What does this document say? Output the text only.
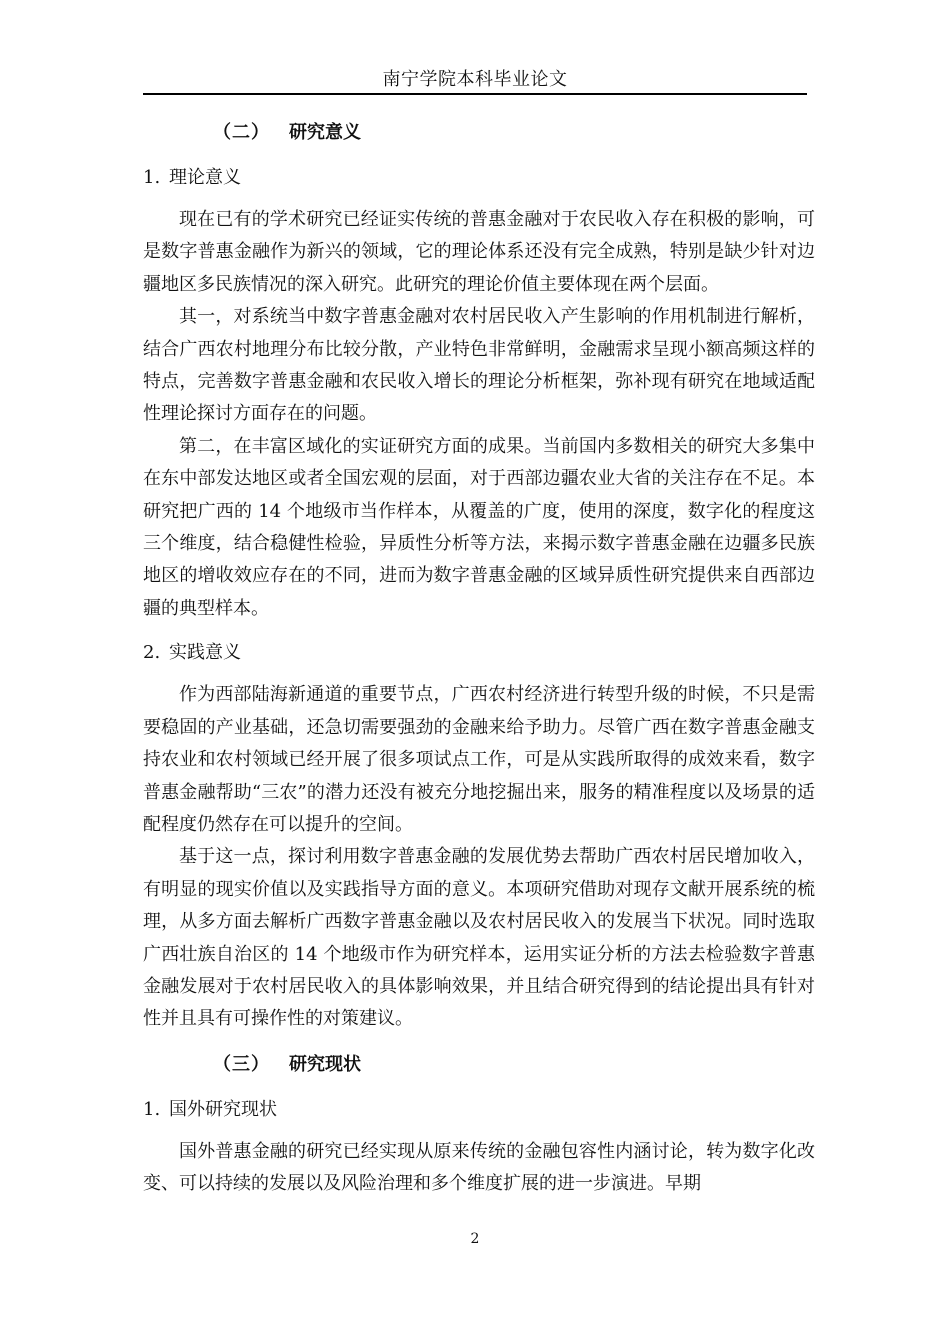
南宁学院本科毕业论文
（二） 研究意义
1. 理论意义

现在已有的学术研究已经证实传统的普惠金融对于农民收入存在积极的影响，可是数字普惠金融作为新兴的领域，它的理论体系还没有完全成熟，特别是缺少针对边疆地区多民族情况的深入研究。此研究的理论价值主要体现在两个层面。

其一，对系统当中数字普惠金融对农村居民收入产生影响的作用机制进行解析，结合广西农村地理分布比较分散，产业特色非常鲜明，金融需求呈现小额高频这样的特点，完善数字普惠金融和农民收入增长的理论分析框架，弥补现有研究在地域适配性理论探讨方面存在的问题。

第二，在丰富区域化的实证研究方面的成果。当前国内多数相关的研究大多集中在东中部发达地区或者全国宏观的层面，对于西部边疆农业大省的关注存在不足。本研究把广西的 14 个地级市当作样本，从覆盖的广度，使用的深度，数字化的程度这三个维度，结合稳健性检验，异质性分析等方法，来揭示数字普惠金融在边疆多民族地区的增收效应存在的不同，进而为数字普惠金融的区域异质性研究提供来自西部边疆的典型样本。

2. 实践意义

作为西部陆海新通道的重要节点，广西农村经济进行转型升级的时候，不只是需要稳固的产业基础，还急切需要强劲的金融来给予助力。尽管广西在数字普惠金融支持农业和农村领域已经开展了很多项试点工作，可是从实践所取得的成效来看，数字普惠金融帮助“三农”的潜力还没有被充分地挖掘出来，服务的精准程度以及场景的适配程度仍然存在可以提升的空间。

基于这一点，探讨利用数字普惠金融的发展优势去帮助广西农村居民增加收入，有明显的现实价值以及实践指导方面的意义。本项研究借助对现存文献开展系统的梳理，从多方面去解析广西数字普惠金融以及农村居民收入的发展当下状况。同时选取广西壮族自治区的 14 个地级市作为研究样本，运用实证分析的方法去检验数字普惠金融发展对于农村居民收入的具体影响效果，并且结合研究得到的结论提出具有针对性并且具有可操作性的对策建议。

（三） 研究现状
1. 国外研究现状

国外普惠金融的研究已经实现从原来传统的金融包容性内涵讨论，转为数字化改变、可以持续的发展以及风险治理和多个维度扩展的进一步演进。早期

2
